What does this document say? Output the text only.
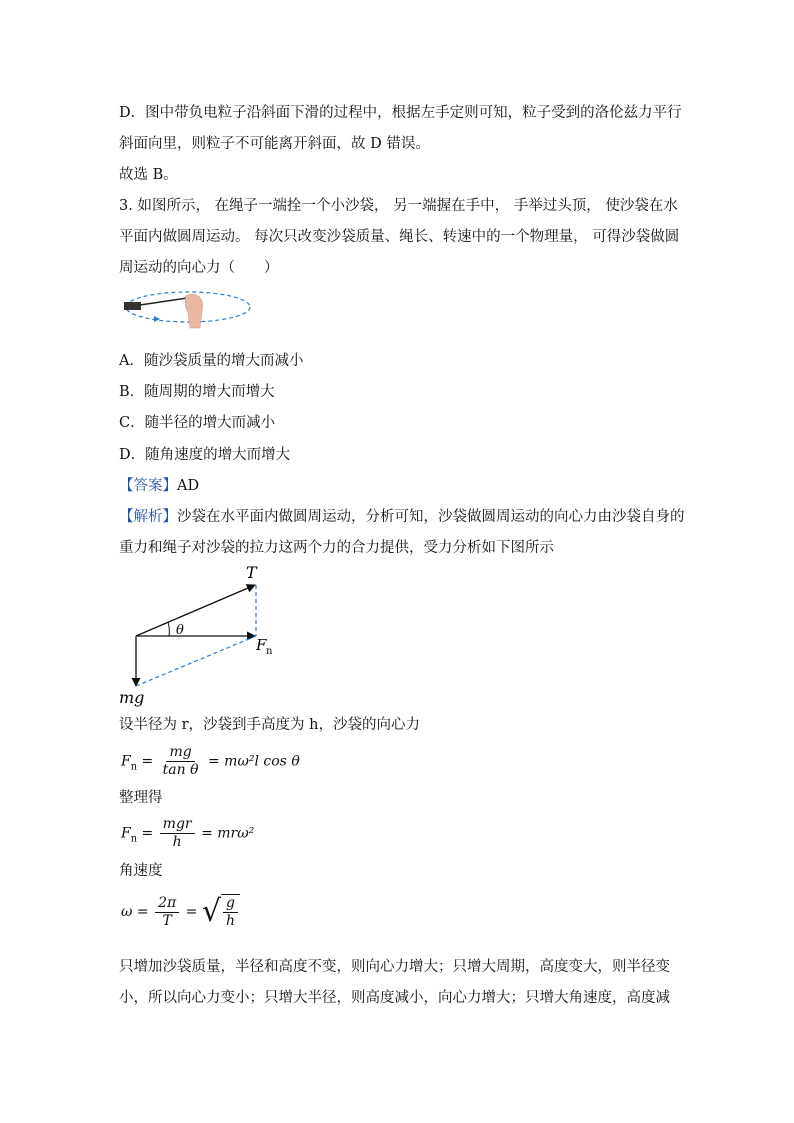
D．图中带负电粒子沿斜面下滑的过程中，根据左手定则可知，粒子受到的洛伦兹力平行
斜面向里，则粒子不可能离开斜面，故 D 错误。
故选 B。
3. 如图所示， 在绳子一端拴一个小沙袋， 另一端握在手中， 手举过头顶， 使沙袋在水
平面内做圆周运动。 每次只改变沙袋质量、绳长、转速中的一个物理量， 可得沙袋做圆
周运动的向心力（　　）
A．随沙袋质量的增大而减小
B．随周期的增大而增大
C．随半径的增大而减小
D．随角速度的增大而增大
【答案】AD
【解析】沙袋在水平面内做圆周运动，分析可知，沙袋做圆周运动的向心力由沙袋自身的
重力和绳子对沙袋的拉力这两个力的合力提供，受力分析如下图所示
T
θ
F n
mg
设半径为 r，沙袋到手高度为 h，沙袋的向心力
$F_n = \frac{mg}{\text{tan θ}} = m\omega^2l$ cos θ
整理得
$F_n = \frac{\text{mgr}}{h} = mr\omega^2$
角速度
$\omega = \frac{2\pi}{T}$ = √ $\frac{g}{h}$
只增加沙袋质量，半径和高度不变，则向心力增大；只增大周期，高度变大，则半径变
小，所以向心力变小；只增大半径，则高度减小，向心力增大；只增大角速度，高度减
